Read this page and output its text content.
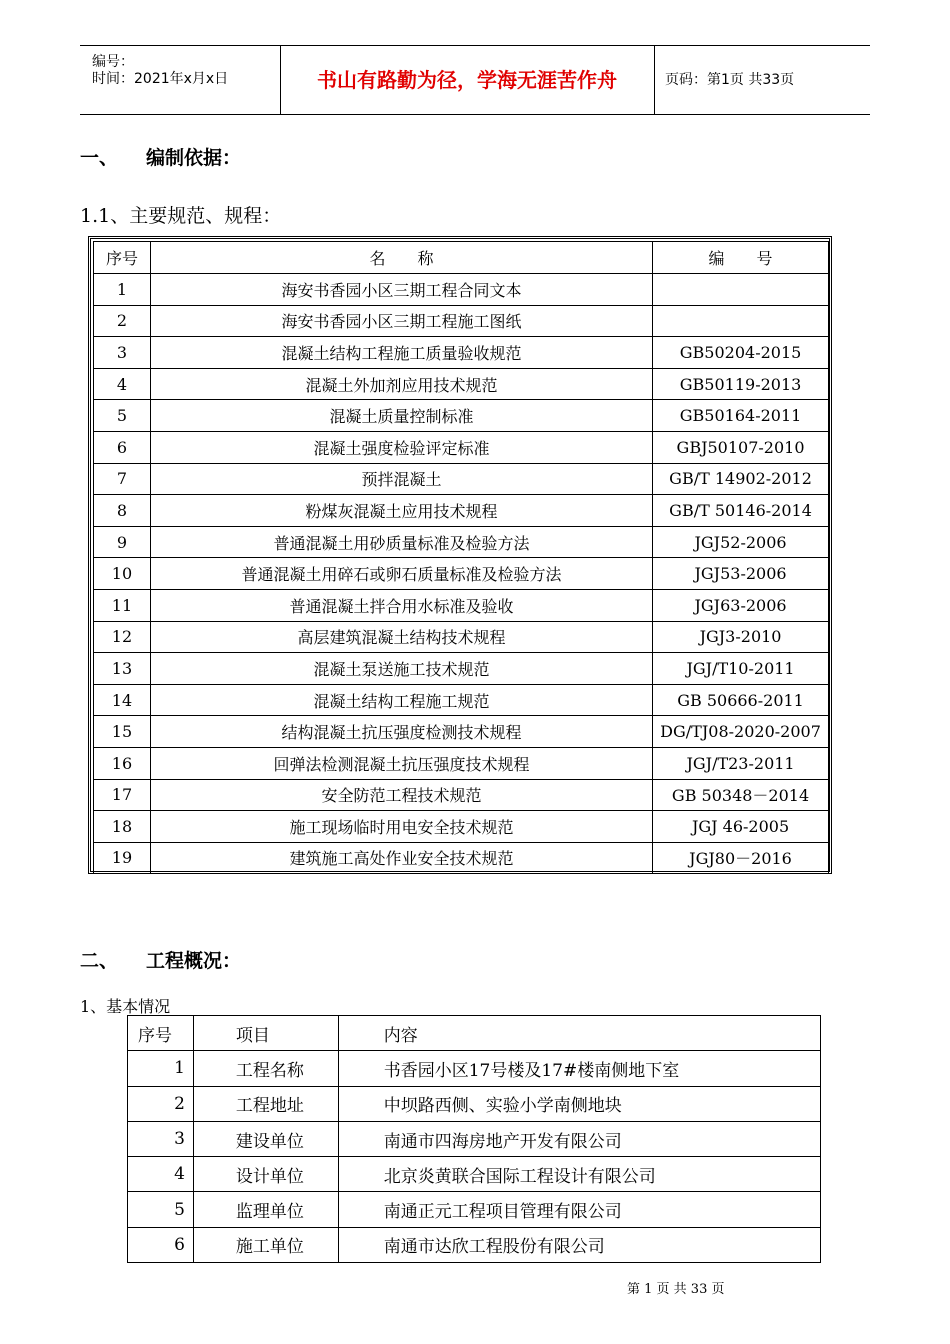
编号：
时间：2021年x月x日	书山有路勤为径，学海无涯苦作舟	页码：第1页 共33页
一、 编制依据：
1.1、主要规范、规程：
序号	名　　称	编　　号
1	海安书香园小区三期工程合同文本	
2	海安书香园小区三期工程施工图纸	
3	混凝土结构工程施工质量验收规范	GB50204-2015
4	混凝土外加剂应用技术规范	GB50119-2013
5	混凝土质量控制标准	GB50164-2011
6	混凝土强度检验评定标准	GBJ50107-2010
7	预拌混凝土	GB/T 14902-2012
8	粉煤灰混凝土应用技术规程	GB/T 50146-2014
9	普通混凝土用砂质量标准及检验方法	JGJ52-2006
10	普通混凝土用碎石或卵石质量标准及检验方法	JGJ53-2006
11	普通混凝土拌合用水标准及验收	JGJ63-2006
12	高层建筑混凝土结构技术规程	JGJ3-2010
13	混凝土泵送施工技术规范	JGJ/T10-2011
14	混凝土结构工程施工规范	GB 50666-2011
15	结构混凝土抗压强度检测技术规程	DG/TJ08-2020-2007
16	回弹法检测混凝土抗压强度技术规程	JGJ/T23-2011
17	安全防范工程技术规范	GB 50348－2014
18	施工现场临时用电安全技术规范	JGJ 46-2005
19	建筑施工高处作业安全技术规范	JGJ80－2016
二、 工程概况：
1、基本情况
序号	项目	内容
1	工程名称	书香园小区17号楼及17#楼南侧地下室
2	工程地址	中坝路西侧、实验小学南侧地块
3	建设单位	南通市四海房地产开发有限公司
4	设计单位	北京炎黄联合国际工程设计有限公司
5	监理单位	南通正元工程项目管理有限公司
6	施工单位	南通市达欣工程股份有限公司
第 1 页 共 33 页
